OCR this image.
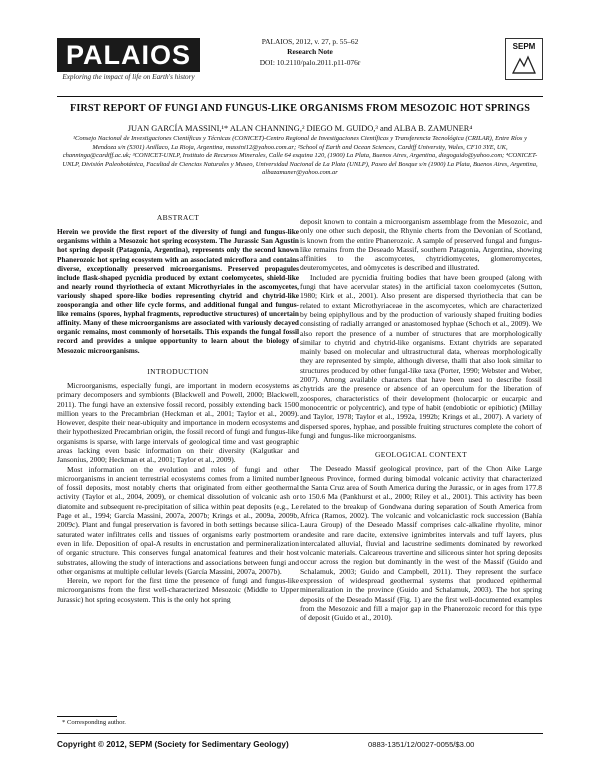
PALAIOS
Exploring the impact of life on Earth's history
PALAIOS, 2012, v. 27, p. 55–62
Research Note
DOI: 10.2110/palo.2011.p11-076r
SEPM
FIRST REPORT OF FUNGI AND FUNGUS-LIKE ORGANISMS FROM MESOZOIC HOT SPRINGS
JUAN GARCÍA MASSINI,¹* ALAN CHANNING,² DIEGO M. GUIDO,³ and ALBA B. ZAMUNER⁴
¹Consejo Nacional de Investigaciones Científicas y Técnicas (CONICET)-Centro Regional de Investigaciones Científicas y Transferencia Tecnológica (CRILAR), Entre Ríos y Mendoza s/n (5301) Anillaco, La Rioja, Argentina, massini12@yahoo.com.ar; ²School of Earth and Ocean Sciences, Cardiff University, Wales, CF10 3YE, UK, channinga@cardiff.ac.uk; ³CONICET-UNLP, Instituto de Recursos Minerales, Calle 64 esquina 120, (1900) La Plata, Buenos Aires, Argentina, diegoguido@yahoo.com; ⁴CONICET-UNLP, División Paleobotánica, Facultad de Ciencias Naturales y Museo, Universidad Nacional de La Plata (UNLP), Paseo del Bosque s/n (1900) La Plata, Buenos Aires, Argentina, albazamuner@yahoo.com.ar
ABSTRACT

Herein we provide the first report of the diversity of fungi and fungus-like organisms within a Mesozoic hot spring ecosystem. The Jurassic San Agustín hot spring deposit (Patagonia, Argentina), represents only the second known Phanerozoic hot spring ecosystem with an associated microflora and contains diverse, exceptionally preserved microorganisms. Preserved propagules include flask-shaped pycnidia produced by extant coelomycetes, shield-like and nearly round thyriothecia of extant Microthyriales in the ascomycetes, variously shaped spore-like bodies representing chytrid and chytrid-like zoosporangia and other life cycle forms, and additional fungal and fungus-like remains (spores, hyphal fragments, reproductive structures) of uncertain affinity. Many of these microorganisms are associated with variously decayed organic remains, most commonly of horsetails. This expands the fungal fossil record and provides a unique opportunity to learn about the biology of Mesozoic microorganisms.

INTRODUCTION

Microorganisms, especially fungi, are important in modern ecosystems as primary decomposers and symbionts (Blackwell and Powell, 2000; Blackwell, 2011). The fungi have an extensive fossil record, possibly extending back 1500 million years to the Precambrian (Heckman et al., 2001; Taylor et al., 2009). However, despite their near-ubiquity and importance in modern ecosystems and their hypothesized Precambrian origin, the fossil record of fungi and fungus-like organisms is sparse, with large intervals of geological time and vast geographic areas lacking even basic information on their diversity (Kalgutkar and Jansonius, 2000; Heckman et al., 2001; Taylor et al., 2009).

Most information on the evolution and roles of fungi and other microorganisms in ancient terrestrial ecosystems comes from a limited number of fossil deposits, most notably cherts that originated from either geothermal activity (Taylor et al., 2004, 2009), or chemical dissolution of volcanic ash or diatomite and subsequent re-precipitation of silica within peat deposits (e.g., Le Page et al., 1994; García Massini, 2007a, 2007b; Krings et al., 2009a, 2009b, 2009c). Plant and fungal preservation is favored in both settings because silica-saturated water infiltrates cells and tissues of organisms early postmortem or even in life. Deposition of opal-A results in encrustation and permineralization of organic structure. This conserves fungal anatomical features and their host substrates, allowing the study of interactions and associations between fungi and other organisms at multiple cellular levels (García Massini, 2007a, 2007b).

Herein, we report for the first time the presence of fungi and fungus-like microorganisms from the first well-characterized Mesozoic (Middle to Upper Jurassic) hot spring ecosystem. This is the only hot spring

deposit known to contain a microorganism assemblage from the Mesozoic, and only one other such deposit, the Rhynie cherts from the Devonian of Scotland, is known from the entire Phanerozoic. A sample of preserved fungal and fungus-like remains from the Deseado Massif, southern Patagonia, Argentina, showing affinities to the ascomycetes, chytridiomycetes, glomeromycetes, deuteromycetes, and oömycetes is described and illustrated.

Included are pycnidia fruiting bodies that have been grouped (along with fungi that have acervular states) in the artificial taxon coelomycetes (Sutton, 1980; Kirk et al., 2001). Also present are dispersed thyriothecia that can be related to extant Microthyriaceae in the ascomycetes, which are characterized by being epiphyllous and by the production of variously shaped fruiting bodies consisting of radially arranged or anastomosed hyphae (Schoch et al., 2009). We also report the presence of a number of structures that are morphologically similar to chytrid and chytrid-like organisms. Extant chytrids are separated mainly based on molecular and ultrastructural data, whereas morphologically they are represented by simple, although diverse, thalli that also look similar to structures produced by other fungal-like taxa (Porter, 1990; Webster and Weber, 2007). Among available characters that have been used to describe fossil chytrids are the presence or absence of an operculum for the liberation of zoospores, characteristics of their development (holocarpic or eucarpic and monocentric or polycentric), and type of habit (endobiotic or epibiotic) (Millay and Taylor, 1978; Taylor et al., 1992a, 1992b; Krings et al., 2007). A variety of dispersed spores, hyphae, and possible fruiting structures complete the cohort of fungi and fungus-like microorganisms.

GEOLOGICAL CONTEXT

The Deseado Massif geological province, part of the Chon Aike Large Igneous Province, formed during bimodal volcanic activity that characterized the Santa Cruz area of South America during the Jurassic, or in ages from 177.8 to 150.6 Ma (Pankhurst et al., 2000; Riley et al., 2001). This activity has been related to the breakup of Gondwana during separation of South America from Africa (Ramos, 2002). The volcanic and volcaniclastic rock succession (Bahía Laura Group) of the Deseado Massif comprises calc-alkaline rhyolite, minor andesite and rare dacite, extensive ignimbrites intervals and tuff layers, plus intercalated alluvial, fluvial and lacustrine sediments dominated by reworked volcanic materials. Calcareous travertine and siliceous sinter hot spring deposits occur across the region but dominantly in the west of the Massif (Guido and Schalamuk, 2003; Guido and Campbell, 2011). They represent the surface expression of widespread geothermal systems that produced epithermal mineralization in the province (Guido and Schalamuk, 2003). The hot spring deposits of the Deseado Massif (Fig. 1) are the first well-documented examples from the Mesozoic and fill a major gap in the Phanerozoic record for this type of deposit (Guido et al., 2010).

* Corresponding author.
Copyright © 2012, SEPM (Society for Sedimentary Geology)	0883-1351/12/0027-0055/$3.00
